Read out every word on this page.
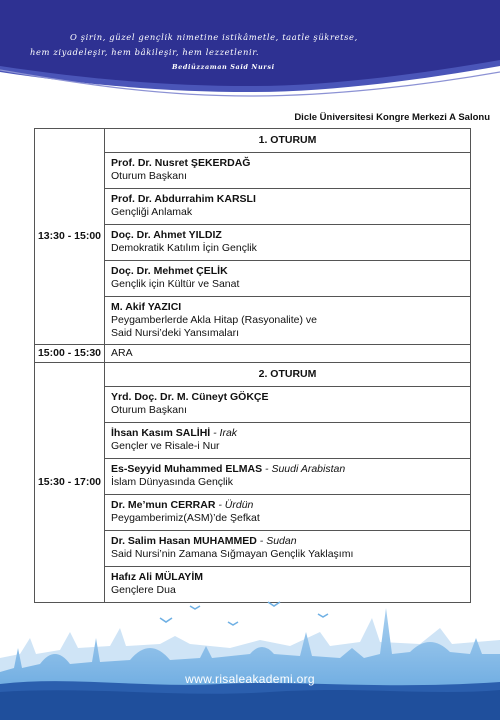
O şirin, güzel gençlik nimetine istikâmetle, taatle şükretse,
hem ziyadeleşir, hem bâkileşir, hem lezzetlenir.
Bediüzzaman Said Nursi
Dicle Üniversitesi Kongre Merkezi A Salonu
13:30 - 15:00	1. OTURUM

	Prof. Dr. Nusret ŞEKERDAĞ
Oturum Başkanı

	Prof. Dr. Abdurrahim KARSLI
Gençliği Anlamak

	Doç. Dr. Ahmet YILDIZ
Demokratik Katılım İçin Gençlik

	Doç. Dr. Mehmet ÇELİK
Gençlik için Kültür ve Sanat

	M. Akif YAZICI
Peygamberlerde Akla Hitap (Rasyonalite) ve
Said Nursi’deki Yansımaları

15:00 - 15:30	ARA
15:30 - 17:00	2. OTURUM

	Yrd. Doç. Dr. M. Cüneyt GÖKÇE
Oturum Başkanı

	İhsan Kasım SALİHİ - Irak
Gençler ve Risale-i Nur

	Es-Seyyid Muhammed ELMAS - Suudi Arabistan
İslam Dünyasında Gençlik

	Dr. Me’mun CERRAR - Ürdün
Peygamberimiz(ASM)’de Şefkat

	Dr. Salim Hasan MUHAMMED - Sudan
Said Nursi’nin Zamana Sığmayan Gençlik Yaklaşımı

	Hafız Ali MÜLAYİM
Gençlere Dua
www.risaleakademi.org
